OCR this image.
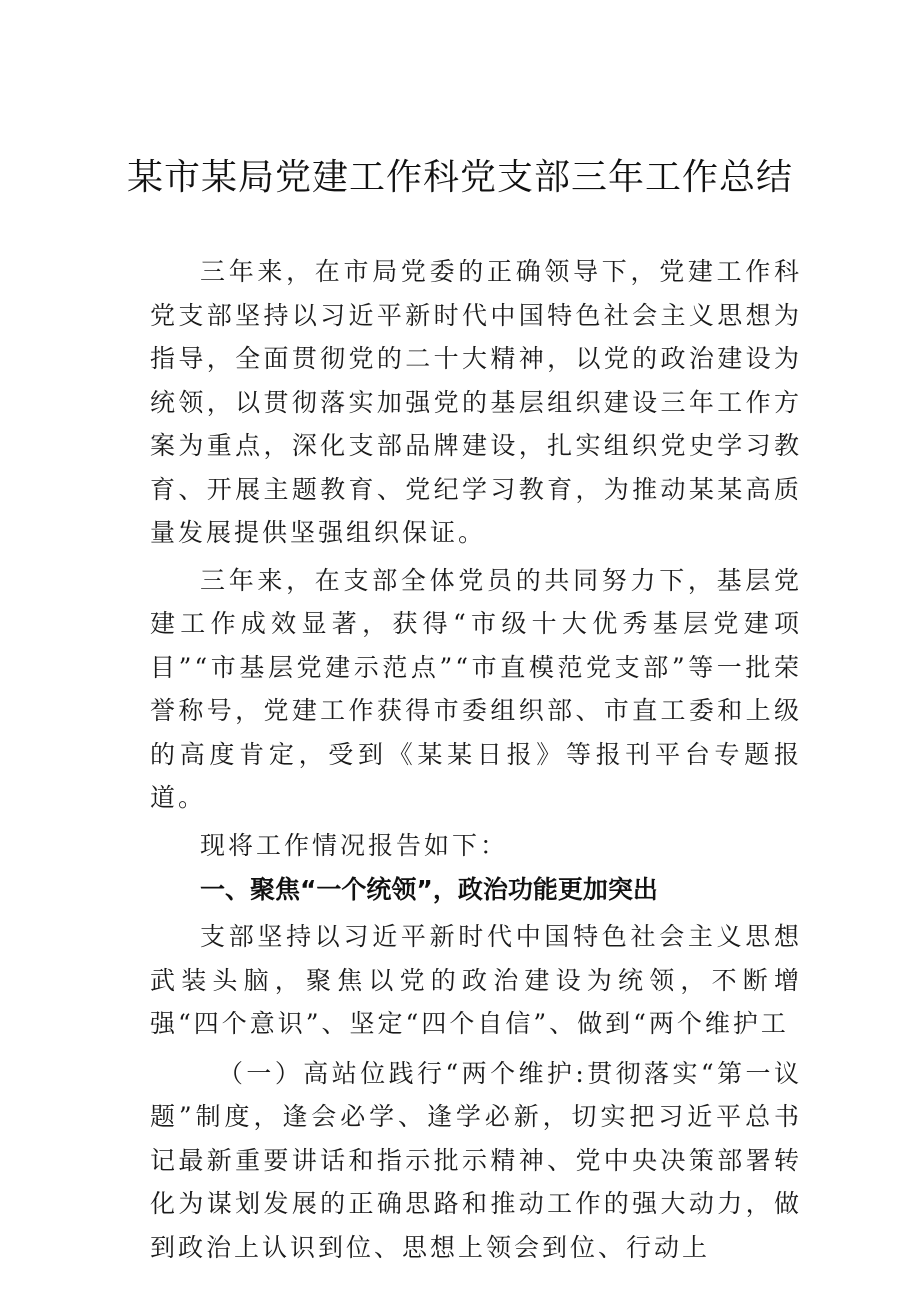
某市某局党建工作科党支部三年工作总结

三年来，在市局党委的正确领导下，党建工作科党支部坚持以习近平新时代中国特色社会主义思想为指导，全面贯彻党的二十大精神，以党的政治建设为统领，以贯彻落实加强党的基层组织建设三年工作方案为重点，深化支部品牌建设，扎实组织党史学习教育、开展主题教育、党纪学习教育，为推动某某高质量发展提供坚强组织保证。

三年来，在支部全体党员的共同努力下，基层党建工作成效显著，获得“市级十大优秀基层党建项目”“市基层党建示范点”“市直模范党支部”等一批荣誉称号，党建工作获得市委组织部、市直工委和上级的高度肯定，受到《某某日报》等报刊平台专题报道。

现将工作情况报告如下：

一、聚焦“一个统领”，政治功能更加突出

支部坚持以习近平新时代中国特色社会主义思想武装头脑，聚焦以党的政治建设为统领，不断增强“四个意识”、坚定“四个自信”、做到“两个维护工

（一）高站位践行“两个维护:贯彻落实“第一议题”制度，逢会必学、逢学必新，切实把习近平总书记最新重要讲话和指示批示精神、党中央决策部署转化为谋划发展的正确思路和推动工作的强大动力，做到政治上认识到位、思想上领会到位、行动上
